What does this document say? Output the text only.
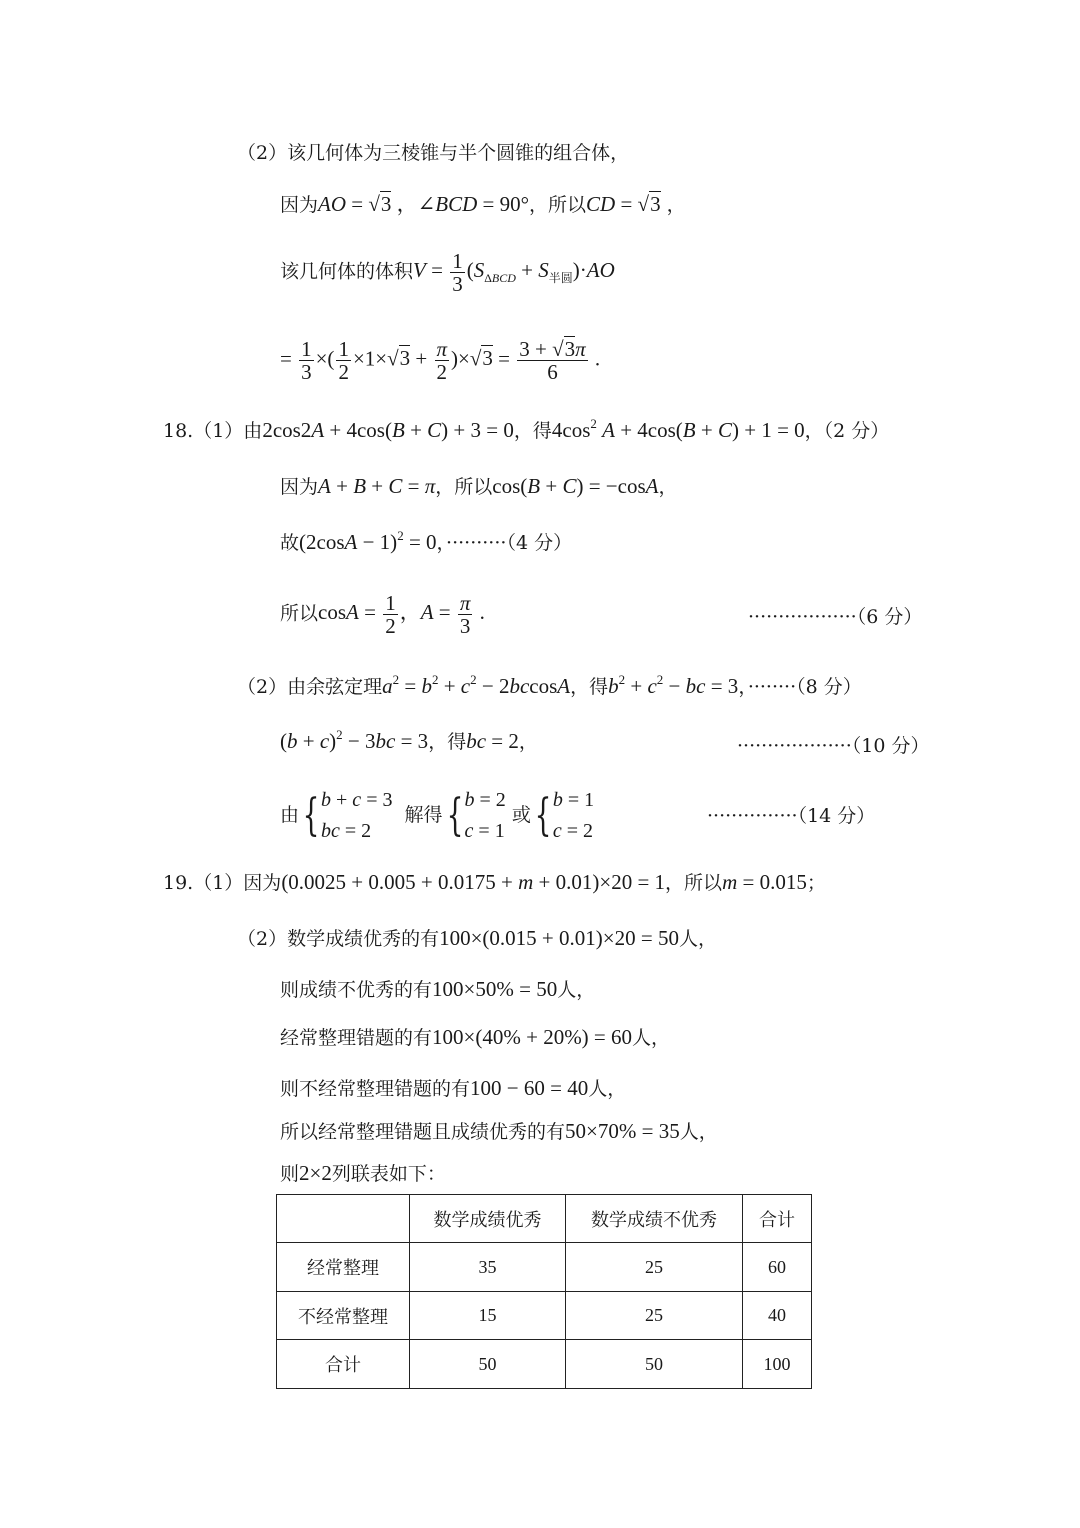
（2）该几何体为三棱锥与半个圆锥的组合体，
因为AO = √3 ，∠BCD = 90°，所以CD = √3 ，
该几何体的体积$V = \frac{1}{3} (S_{\Delta BCD} + S_{半圆})\cdot AO$
= $\frac{1}{3}$ ×( $\frac{1}{2} \times 1\times√3 + \frac{\pi}{2} )\times√3 = \frac{3 + √3\pi}{6}$ .
18.（1）由2cos2A + 4cos(B + C) + 3 = 0，得$4\cos^2$ A + 4cos(B + C) + 1 = 0，（2 分）
因为A + B + C = π，所以cos(B + C) = −cosA，
故$(2\cos A - 1)^2 = 0$，··········（4 分）
所以$\cos A = \frac{1}{2}$ ，$A = \frac{\pi}{3}$ .	··················（6 分）
（2）由余弦定理$a^2 = b^2 + c^2 - 2bccosA$，得$b^2 + c^2$ − bc = 3，········（8 分）
$(b + c)^2 - 3bc = 3$，得bc = 2，	···················（10 分）
由{b + c = 3
bc = 2 解得{b = 2
c = 1 或{b = 1
c = 2
···············（14 分）
19.（1）因为(0.0025 + 0.005 + 0.0175 + m + 0.01)×20 = 1，所以m = 0.015；
（2）数学成绩优秀的有100×(0.015 + 0.01)×20 = 50人，
则成绩不优秀的有100×50% = 50人，
经常整理错题的有100×(40% + 20%) = 60人，
则不经常整理错题的有100 − 60 = 40人，
所以经常整理错题且成绩优秀的有50×70% = 35人，
则2×2列联表如下：
	数学成绩优秀	数学成绩不优秀	合计
经常整理	35	25	60
不经常整理	15	25	40
合计	50	50	100
